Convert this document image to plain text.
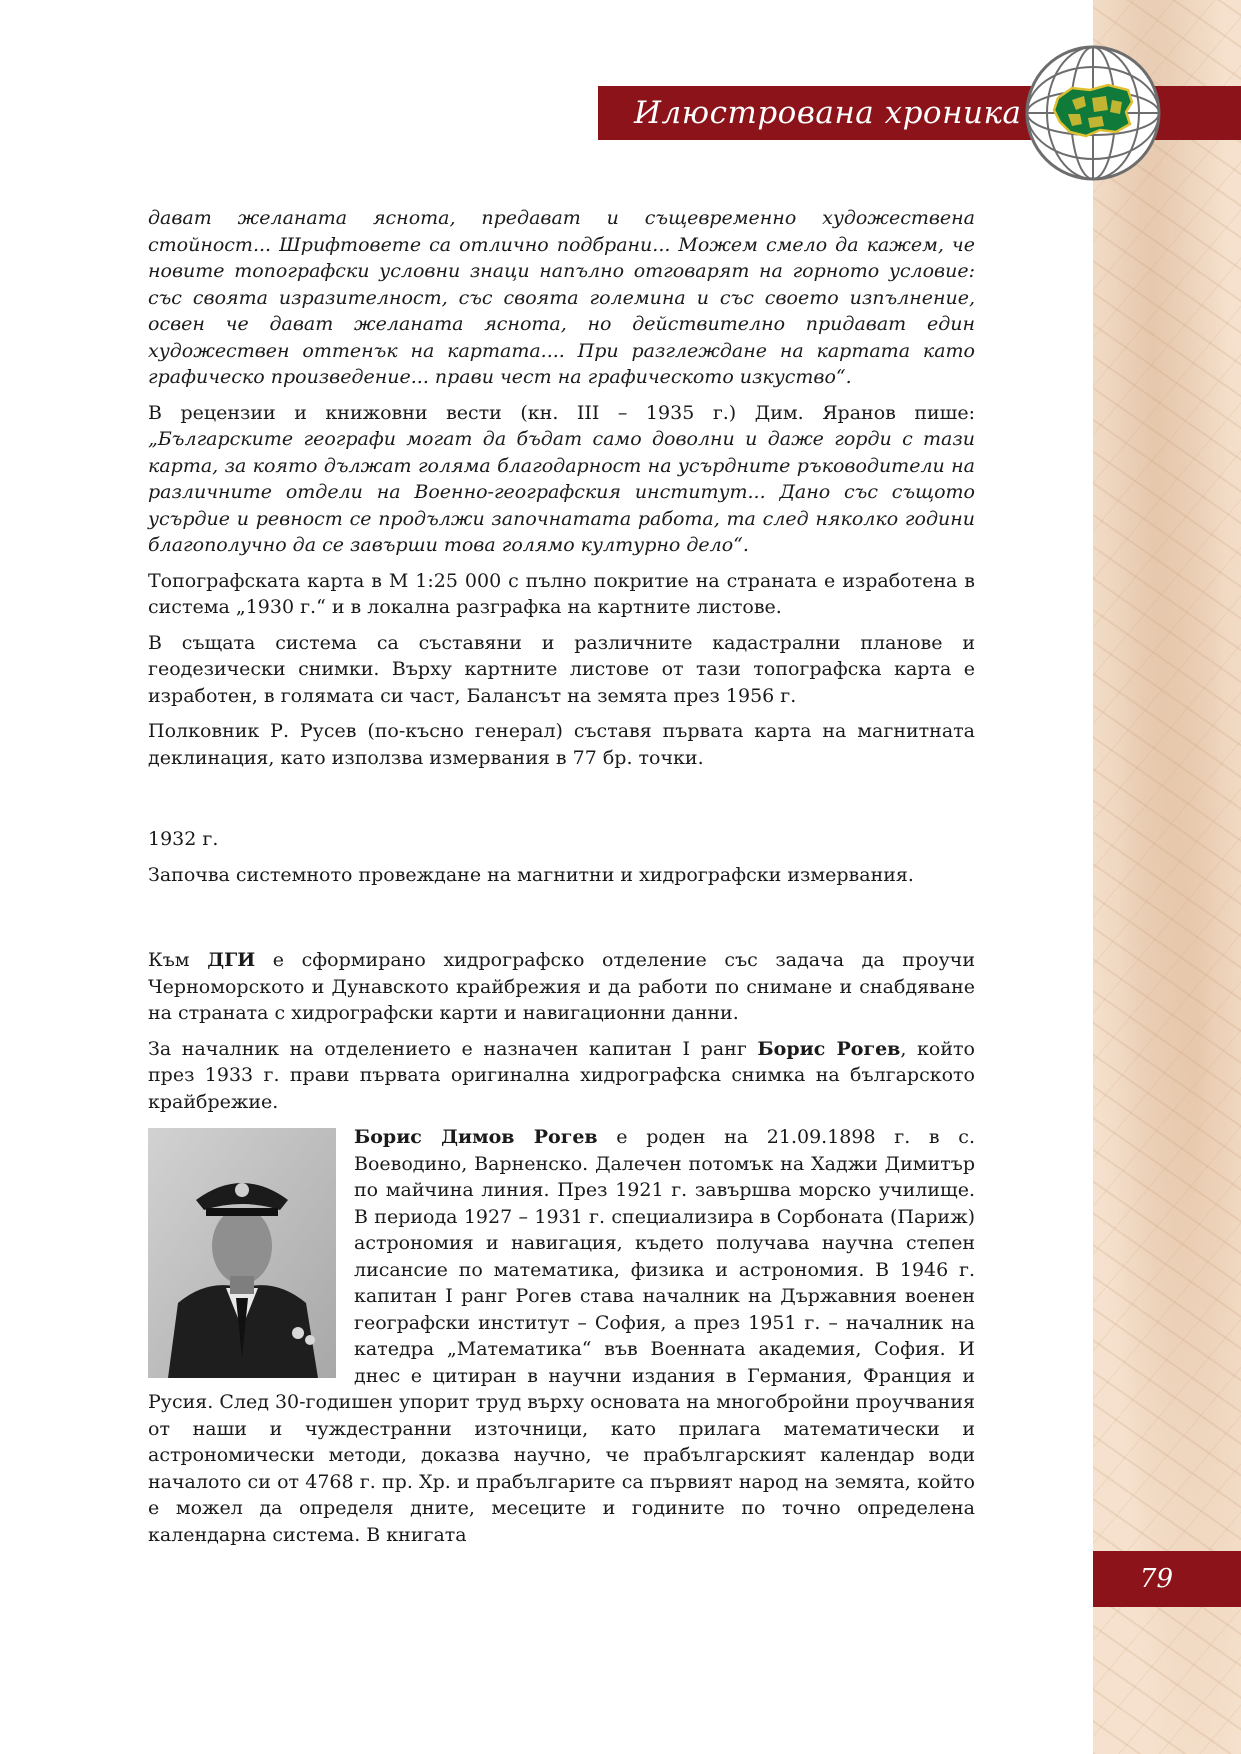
Илюстрована хроника
79

дават желаната яснота, предават и същевременно художествена стойност... Шрифтовете са отлично подбрани... Можем смело да кажем, че новите топографски условни знаци напълно отговарят на горното условие: със своята изразителност, със своята големина и със своето изпълнение, освен че дават желаната яснота, но действително придават един художествен оттенък на картата.... При разглеждане на картата като графическо произведение... прави чест на графическото изкуство“.

В рецензии и книжовни вести (кн. III – 1935 г.) Дим. Яранов пише: „Българските географи могат да бъдат само доволни и даже горди с тази карта, за която дължат голяма благодарност на усърдните ръководители на различните отдели на Военно-географския институт... Дано със същото усърдие и ревност се продължи започнатата работа, та след няколко години благополучно да се завърши това голямо културно дело“.

Топографската карта в М 1:25 000 с пълно покритие на страната е изработена в система „1930 г.“ и в локална разграфка на картните листове.

В същата система са съставяни и различните кадастрални планове и геодезически снимки. Върху картните листове от тази топографска карта е изработен, в голямата си част, Балансът на земята през 1956 г.

Полковник Р. Русев (по-късно генерал) съставя първата карта на магнитната деклинация, като използва измервания в 77 бр. точки.

1932 г.

Започва системното провеждане на магнитни и хидрографски измервания.

Към ДГИ е сформирано хидрографско отделение със задача да проучи Черноморското и Дунавското крайбрежия и да работи по снимане и снабдяване на страната с хидрографски карти и навигационни данни.

За началник на отделението е назначен капитан I ранг Борис Рогев, който през 1933 г. прави първата оригинална хидрографска снимка на българското крайбрежие.

Борис Димов Рогев е роден на 21.09.1898 г. в с. Воеводино, Варненско. Далечен потомък на Хаджи Димитър по майчина линия. През 1921 г. завършва морско училище. В периода 1927 – 1931 г. специализира в Сорбоната (Париж) астрономия и навигация, където получава научна степен лисансие по математика, физика и астрономия. В 1946 г. капитан I ранг Рогев става началник на Държавния военен географски институт – София, а през 1951 г. – началник на катедра „Математика“ във Военната академия, София. И днес е цитиран в научни издания в Германия, Франция и Русия. След 30-годишен упорит труд върху основата на многобройни проучвания от наши и чуждестранни източници, като прилага математически и астрономически методи, доказва научно, че прабългарският календар води началото си от 4768 г. пр. Хр. и прабългарите са първият народ на земята, който е можел да определя дните, месеците и годините по точно определена календарна система. В книгата
